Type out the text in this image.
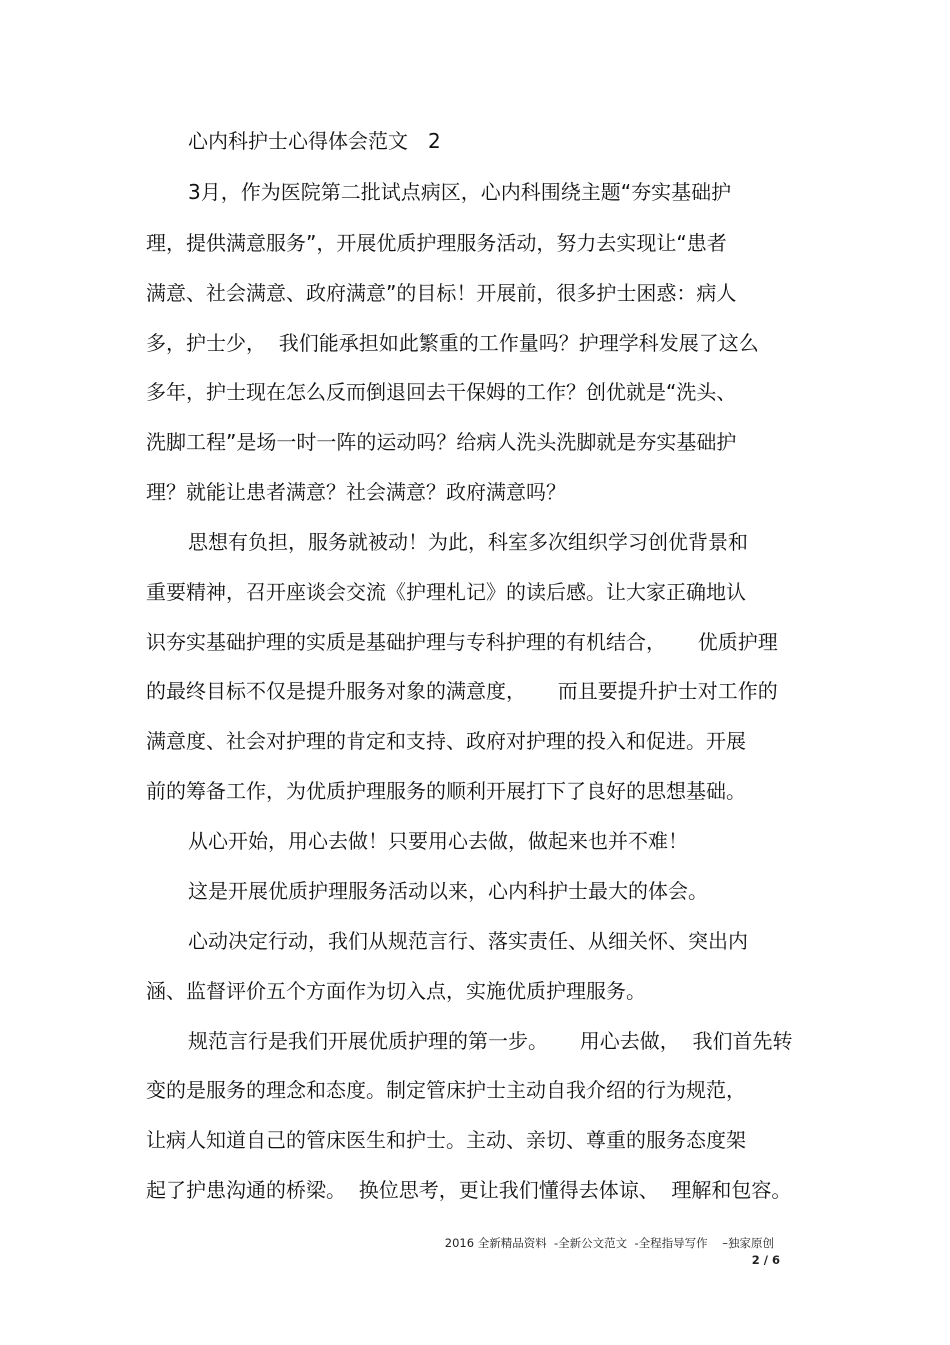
心内科护士心得体会范文　2
3月，作为医院第二批试点病区，心内科围绕主题“夯实基础护
理，提供满意服务”，开展优质护理服务活动，努力去实现让“患者
满意、社会满意、政府满意”的目标！开展前，很多护士困惑：病人
多，护士少，  我们能承担如此繁重的工作量吗？护理学科发展了这么
多年，护士现在怎么反而倒退回去干保姆的工作？创优就是“洗头、
洗脚工程”是场一时一阵的运动吗？给病人洗头洗脚就是夯实基础护
理？就能让患者满意？社会满意？政府满意吗？
思想有负担，服务就被动！为此，科室多次组织学习创优背景和
重要精神，召开座谈会交流《护理札记》的读后感。让大家正确地认
识夯实基础护理的实质是基础护理与专科护理的有机结合，     优质护理
的最终目标不仅是提升服务对象的满意度，     而且要提升护士对工作的
满意度、社会对护理的肯定和支持、政府对护理的投入和促进。开展
前的筹备工作，为优质护理服务的顺利开展打下了良好的思想基础。
从心开始，用心去做！只要用心去做，做起来也并不难！
这是开展优质护理服务活动以来，心内科护士最大的体会。
心动决定行动，我们从规范言行、落实责任、从细关怀、突出内
涵、监督评价五个方面作为切入点，实施优质护理服务。
规范言行是我们开展优质护理的第一步。     用心去做，  我们首先转
变的是服务的理念和态度。制定管床护士主动自我介绍的行为规范，
让病人知道自己的管床医生和护士。主动、亲切、尊重的服务态度架
起了护患沟通的桥梁。  换位思考，更让我们懂得去体谅、  理解和包容。
2016 全新精品资料  -全新公文范文  -全程指导写作    –独家原创
2 / 6
